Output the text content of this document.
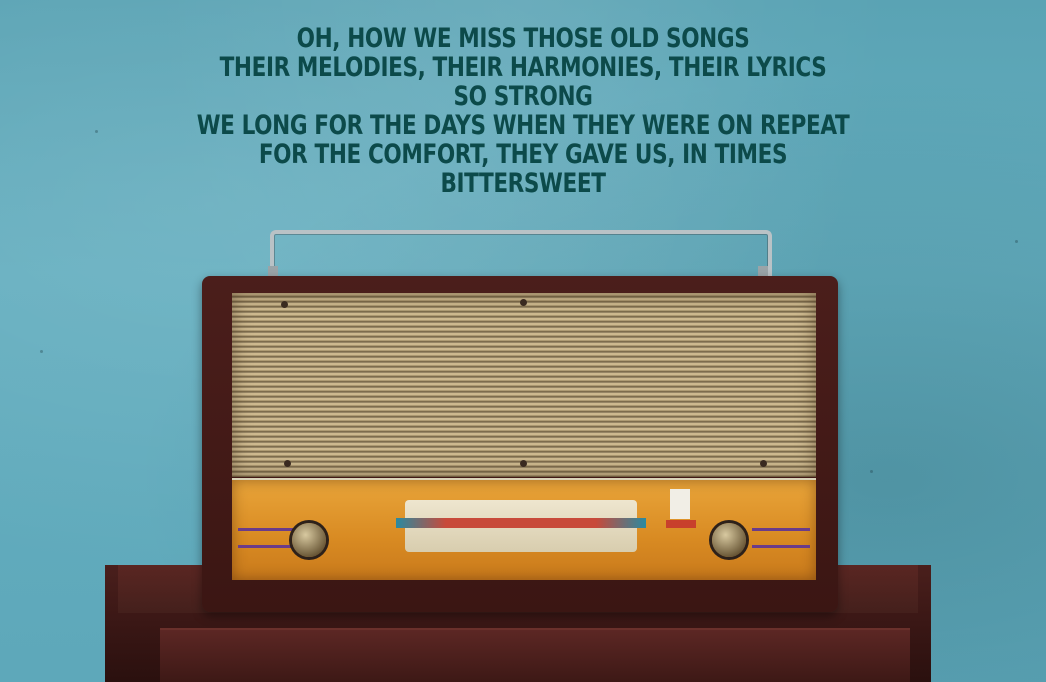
OH, HOW WE MISS THOSE OLD SONGS
THEIR MELODIES, THEIR HARMONIES, THEIR LYRICS
SO STRONG
WE LONG FOR THE DAYS WHEN THEY WERE ON REPEAT
FOR THE COMFORT, THEY GAVE US, IN TIMES
BITTERSWEET
